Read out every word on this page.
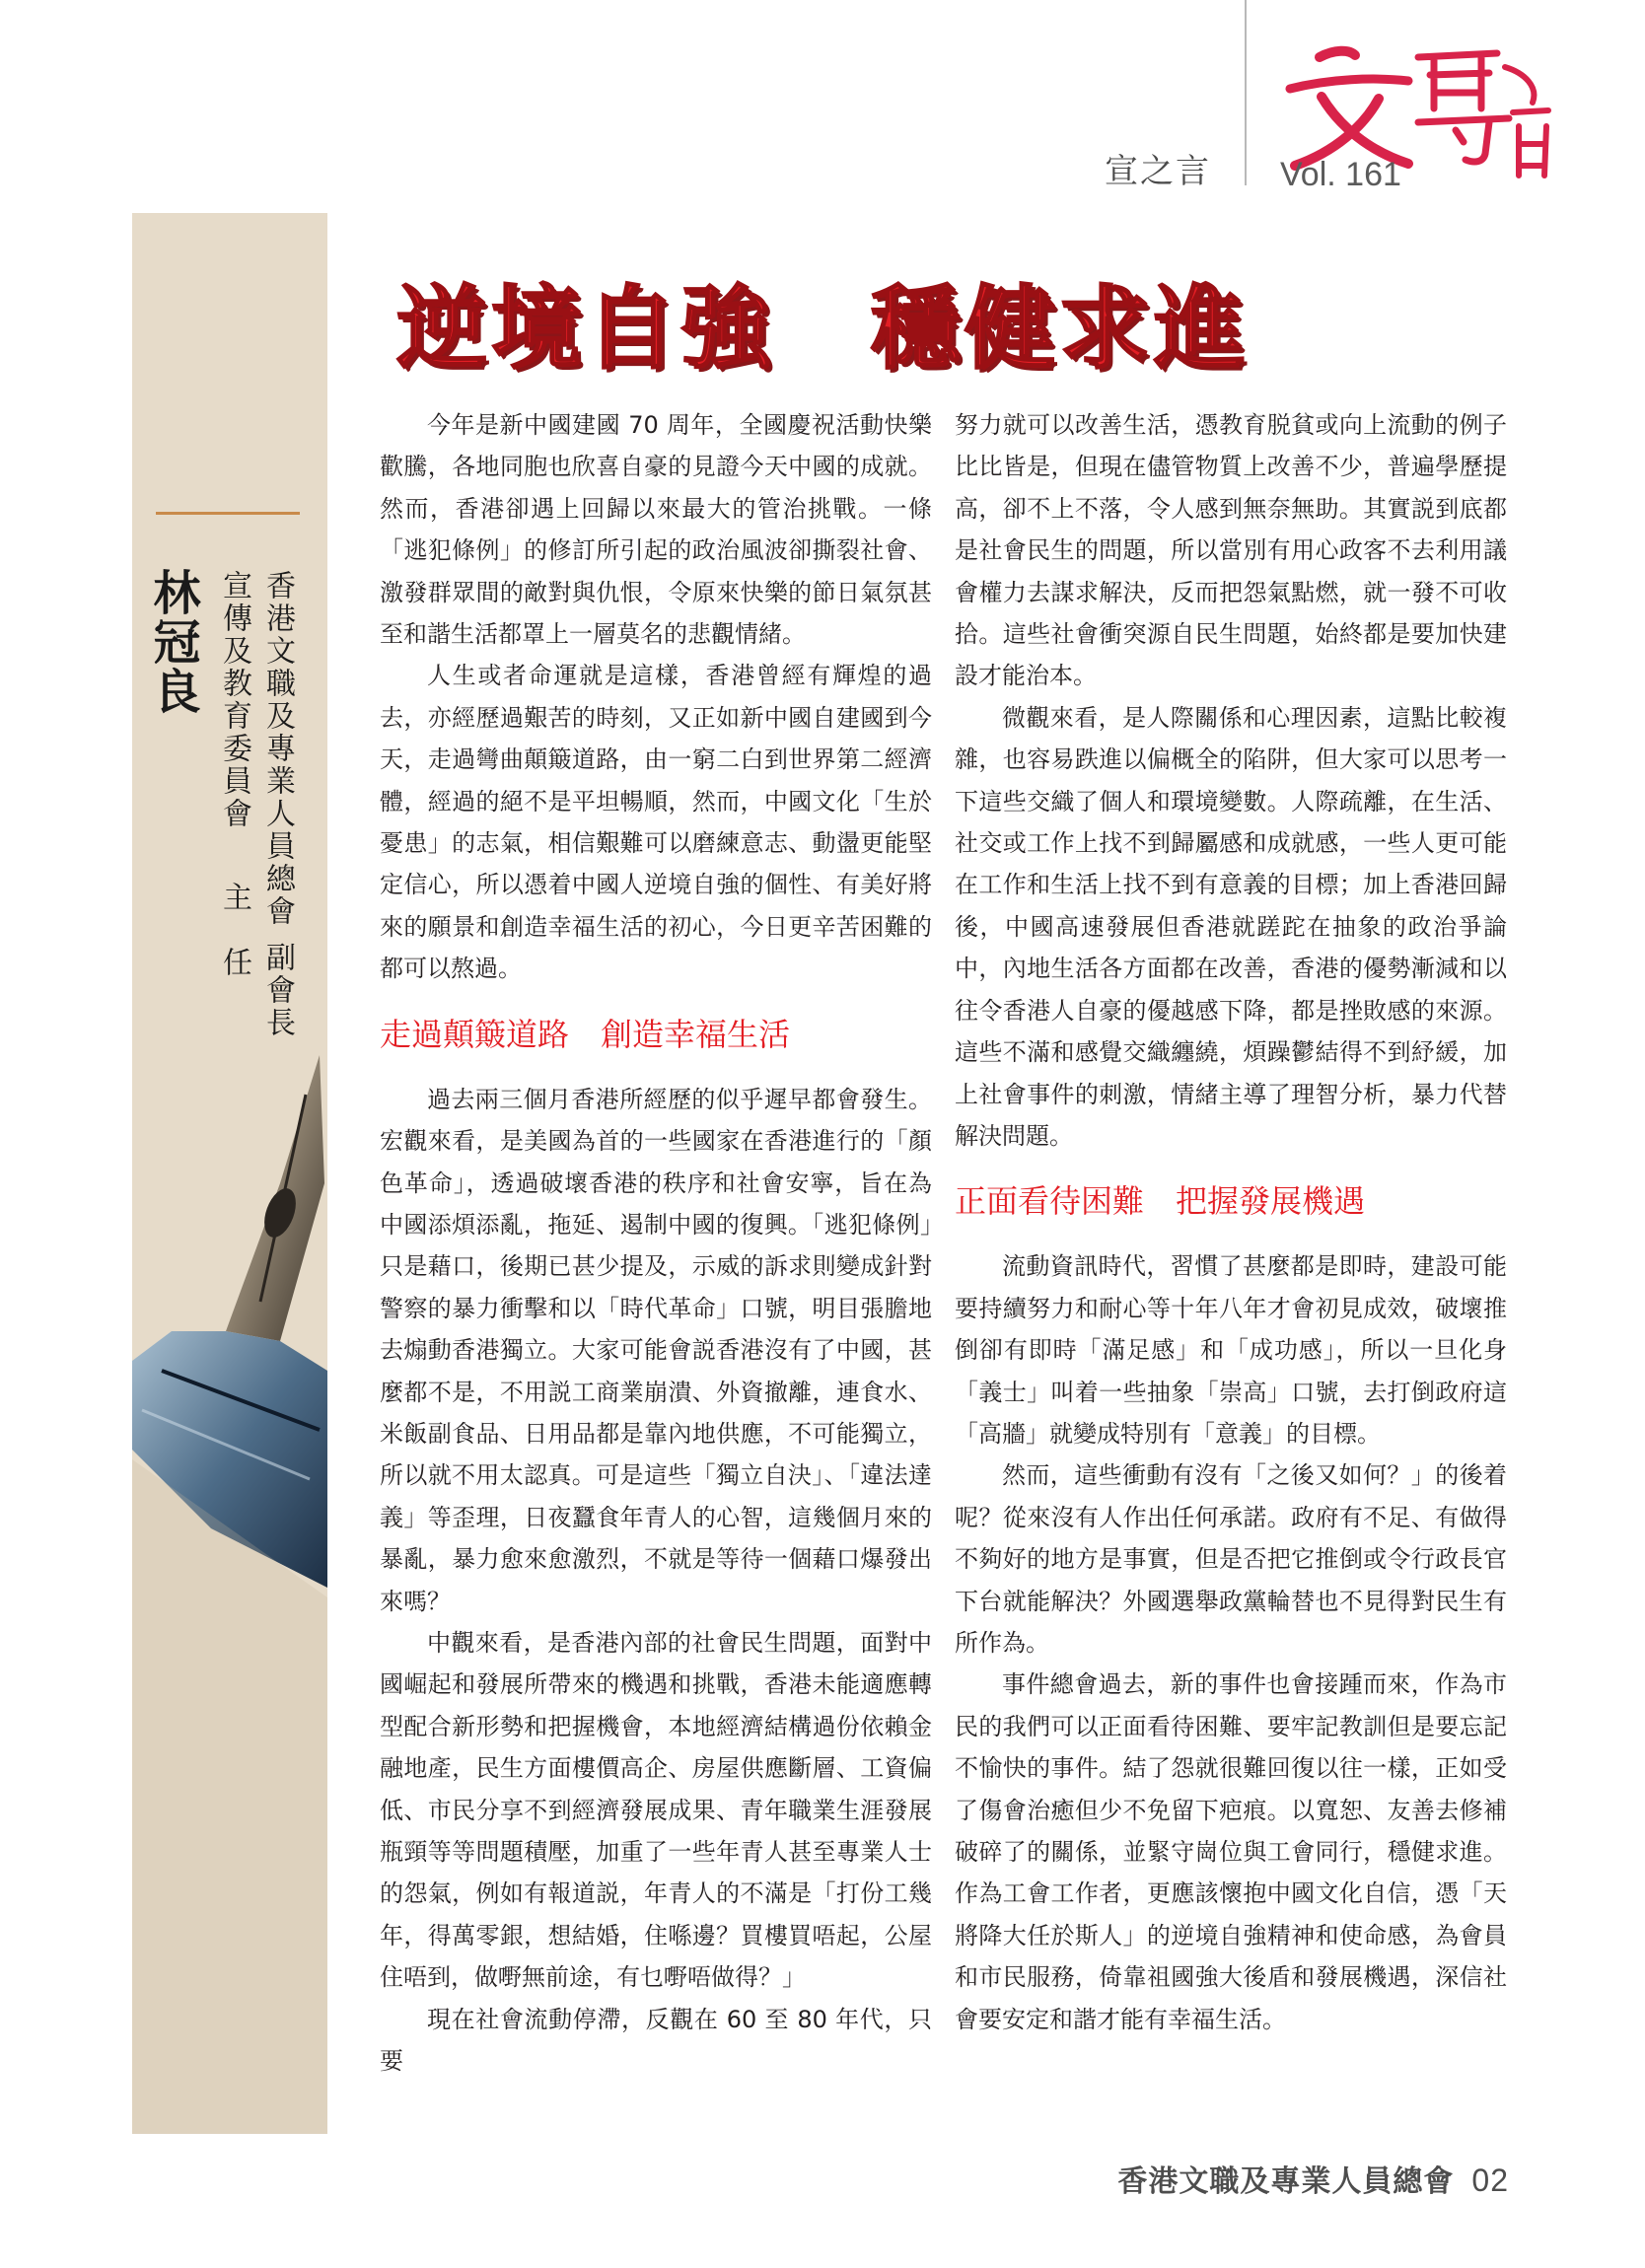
宣之言 Vol. 161
林冠良 香港文職及專業人員總會
副會長
宣傳及教育委員會
主　任
逆境自強　穩健求進

今年是新中國建國 70 周年，全國慶祝活動快樂歡騰，各地同胞也欣喜自豪的見證今天中國的成就。然而，香港卻遇上回歸以來最大的管治挑戰。一條「逃犯條例」的修訂所引起的政治風波卻撕裂社會、激發群眾間的敵對與仇恨，令原來快樂的節日氣氛甚至和諧生活都罩上一層莫名的悲觀情緒。

人生或者命運就是這樣，香港曾經有輝煌的過去，亦經歷過艱苦的時刻，又正如新中國自建國到今天，走過彎曲顛簸道路，由一窮二白到世界第二經濟體，經過的絕不是平坦暢順，然而，中國文化「生於憂患」的志氣，相信艱難可以磨練意志、動盪更能堅定信心，所以憑着中國人逆境自強的個性、有美好將來的願景和創造幸福生活的初心，今日更辛苦困難的都可以熬過。

走過顛簸道路　創造幸福生活

過去兩三個月香港所經歷的似乎遲早都會發生。宏觀來看，是美國為首的一些國家在香港進行的「顏色革命」，透過破壞香港的秩序和社會安寧，旨在為中國添煩添亂，拖延、遏制中國的復興。「逃犯條例」只是藉口，後期已甚少提及，示威的訴求則變成針對警察的暴力衝擊和以「時代革命」口號，明目張膽地去煽動香港獨立。大家可能會説香港沒有了中國，甚麼都不是，不用説工商業崩潰、外資撤離，連食水、米飯副食品、日用品都是靠內地供應，不可能獨立，所以就不用太認真。可是這些「獨立自決」、「違法達義」等歪理，日夜蠶食年青人的心智，這幾個月來的暴亂，暴力愈來愈激烈，不就是等待一個藉口爆發出來嗎？

中觀來看，是香港內部的社會民生問題，面對中國崛起和發展所帶來的機遇和挑戰，香港未能適應轉型配合新形勢和把握機會，本地經濟結構過份依賴金融地產，民生方面樓價高企、房屋供應斷層、工資偏低、市民分享不到經濟發展成果、青年職業生涯發展瓶頸等等問題積壓，加重了一些年青人甚至專業人士的怨氣，例如有報道説，年青人的不滿是「打份工幾年，得萬零銀，想結婚，住喺邊？買樓買唔起，公屋住唔到，做嘢無前途，有乜嘢唔做得？」

現在社會流動停滯，反觀在 60 至 80 年代，只要

努力就可以改善生活，憑教育脱貧或向上流動的例子比比皆是，但現在儘管物質上改善不少，普遍學歷提高，卻不上不落，令人感到無奈無助。其實説到底都是社會民生的問題，所以當別有用心政客不去利用議會權力去謀求解決，反而把怨氣點燃，就一發不可收拾。這些社會衝突源自民生問題，始終都是要加快建設才能治本。

微觀來看，是人際關係和心理因素，這點比較複雜，也容易跌進以偏概全的陷阱，但大家可以思考一下這些交織了個人和環境變數。人際疏離，在生活、社交或工作上找不到歸屬感和成就感，一些人更可能在工作和生活上找不到有意義的目標；加上香港回歸後，中國高速發展但香港就蹉跎在抽象的政治爭論中，內地生活各方面都在改善，香港的優勢漸減和以往令香港人自豪的優越感下降，都是挫敗感的來源。這些不滿和感覺交織纏繞，煩躁鬱結得不到紓緩，加上社會事件的刺激，情緒主導了理智分析，暴力代替解決問題。

正面看待困難　把握發展機遇

流動資訊時代，習慣了甚麼都是即時，建設可能要持續努力和耐心等十年八年才會初見成效，破壞推倒卻有即時「滿足感」和「成功感」，所以一旦化身「義士」叫着一些抽象「崇高」口號，去打倒政府這「高牆」就變成特別有「意義」的目標。

然而，這些衝動有沒有「之後又如何？」的後着呢？從來沒有人作出任何承諾。政府有不足、有做得不夠好的地方是事實，但是否把它推倒或令行政長官下台就能解決？外國選舉政黨輪替也不見得對民生有所作為。

事件總會過去，新的事件也會接踵而來，作為市民的我們可以正面看待困難、要牢記教訓但是要忘記不愉快的事件。結了怨就很難回復以往一樣，正如受了傷會治癒但少不免留下疤痕。以寬恕、友善去修補破碎了的關係，並緊守崗位與工會同行，穩健求進。作為工會工作者，更應該懷抱中國文化自信，憑「天將降大任於斯人」的逆境自強精神和使命感，為會員和市民服務，倚靠祖國強大後盾和發展機遇，深信社會要安定和諧才能有幸福生活。

香港文職及專業人員總會 02
